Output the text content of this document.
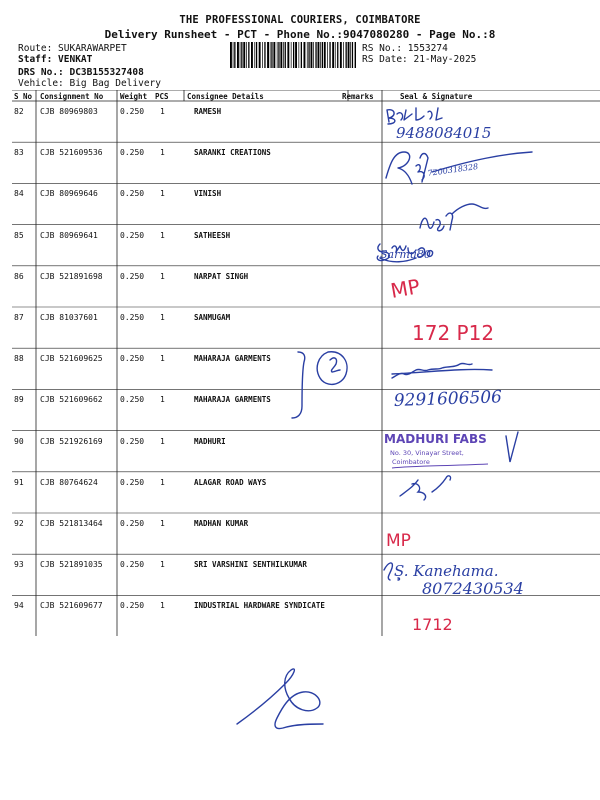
THE PROFESSIONAL COURIERS, COIMBATORE
Delivery Runsheet - PCT - Phone No.:9047080280 - Page No.:8
Route: SUKARAWARPET
Staff: VENKAT
DRS No.: DC3B155327408
Vehicle: Big Bag Delivery
RS No.: 1553274
RS Date: 21-May-2025
S No Consignment No Weight PCS Consignee Details	Remarks	Seal & Signature
82 CJB 80969803	0.250 1	RAMESH
83 CJB 521609536 0.250 1	SARANKI CREATIONS
84 CJB 80969646	0.250 1	VINISH
85 CJB 80969641	0.250 1	SATHEESH
86 CJB 521891698 0.250 1	NARPAT SINGH
87 CJB 81037601	0.250 1	SANMUGAM
88 CJB 521609625 0.250 1	MAHARAJA GARMENTS
89 CJB 521609662 0.250 1	MAHARAJA GARMENTS
90 CJB 521926169 0.250 1	MADHURI
91 CJB 80764624	0.250 1	ALAGAR ROAD WAYS
92 CJB 521813464 0.250 1	MADHAN KUMAR
93 CJB 521891035 0.250 1	SRI VARSHINI SENTHILKUMAR
94 CJB 521609677 0.250 1	INDUSTRIAL HARDWARE SYNDICATE
9488084015
7200318328
Sarmu80
9291606506
S. Kanehama.
8072430534
MP
172 P12
MP
1712
MADHURI FABS
No. 30, Vinayar Street,
Coimbatore
